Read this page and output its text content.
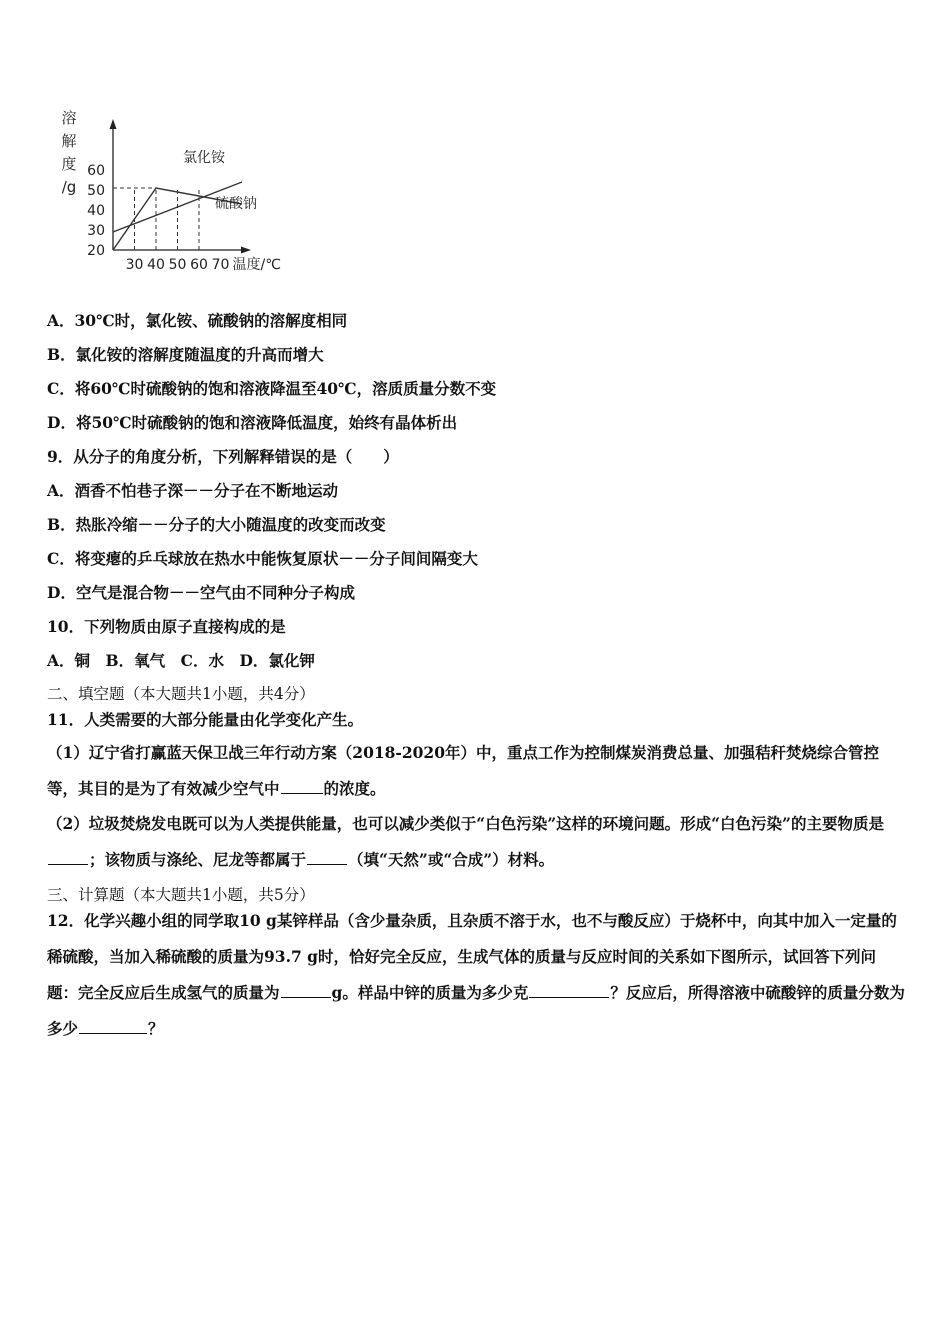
20
30
40
50
60
30 40 50 60 70 温度/℃
溶
解
度
/g
氯化铵
硫酸钠
A．30℃时，氯化铵、硫酸钠的溶解度相同
B．氯化铵的溶解度随温度的升高而增大
C．将60℃时硫酸钠的饱和溶液降温至40℃，溶质质量分数不变
D．将50℃时硫酸钠的饱和溶液降低温度，始终有晶体析出
9．从分子的角度分析，下列解释错误的是（　　）
A．酒香不怕巷子深－－分子在不断地运动
B．热胀冷缩－－分子的大小随温度的改变而改变
C．将变瘪的乒乓球放在热水中能恢复原状－－分子间间隔变大
D．空气是混合物－－空气由不同种分子构成
10．下列物质由原子直接构成的是
A．铜　B．氧气　C．水　D．氯化钾
二、填空题（本大题共1小题，共4分）
11．人类需要的大部分能量由化学变化产生。
（1）辽宁省打赢蓝天保卫战三年行动方案（2018-2020年）中，重点工作为控制煤炭消费总量、加强秸秆焚烧综合管控等，其目的是为了有效减少空气中	的浓度。
（2）垃圾焚烧发电既可以为人类提供能量，也可以减少类似于“白色污染”这样的环境问题。形成“白色污染”的主要物质是；该物质与涤纶、尼龙等都属于	（填“天然”或“合成”）材料。
三、计算题（本大题共1小题，共5分）
12．化学兴趣小组的同学取10 g某锌样品（含少量杂质，且杂质不溶于水，也不与酸反应）于烧杯中，向其中加入一定量的稀硫酸，当加入稀硫酸的质量为93.7 g时，恰好完全反应，生成气体的质量与反应时间的关系如下图所示，试回答下列问题：完全反应后生成氢气的质量为	g。样品中锌的质量为多少克	？反应后，所得溶液中硫酸锌的质量分数为多少	？
